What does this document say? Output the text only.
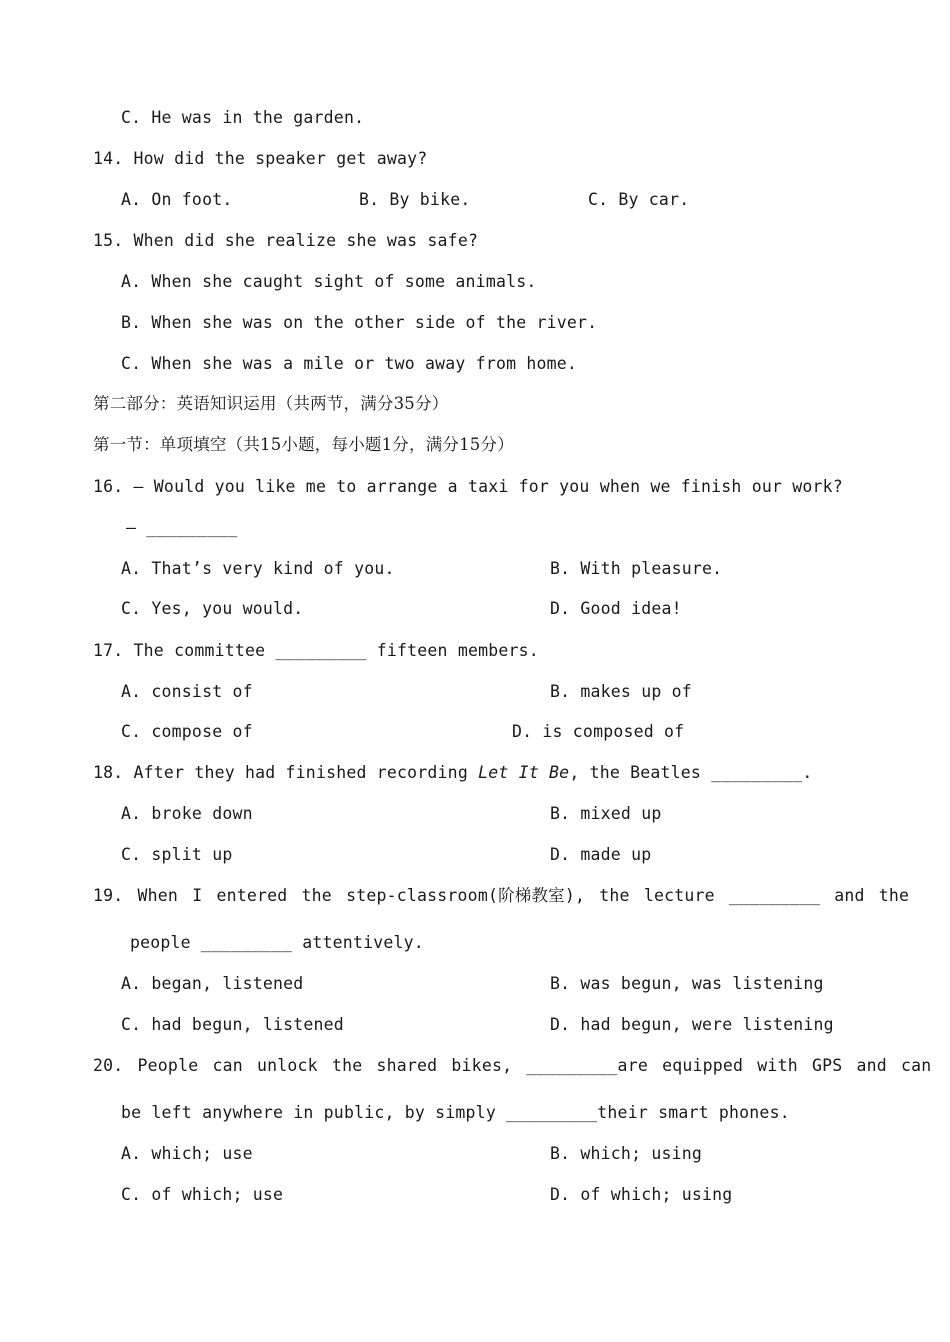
C. He was in the garden.
14. How did the speaker get away?
A. On foot.	B. By bike.	C. By car.
15. When did she realize she was safe?
A. When she caught sight of some animals.
B. When she was on the other side of the river.
C. When she was a mile or two away from home.
第二部分：英语知识运用（共两节，满分35分）
第一节：单项填空（共15小题，每小题1分，满分15分）
16. — Would you like me to arrange a taxi for you when we finish our work?
— _________
A. That’s very kind of you.	B. With pleasure.
C. Yes, you would.	D. Good idea!
17. The committee _________ fifteen members.
A. consist of	B. makes up of
C. compose of	D. is composed of
18. After they had finished recording Let It Be, the Beatles _________.
A. broke down	B. mixed up
C. split up	D. made up
19. When I entered the step-classroom(阶梯教室), the lecture _________ and the
people _________ attentively.
A. began, listened	B. was begun, was listening
C. had begun, listened	D. had begun, were listening
20. People can unlock the shared bikes, _________are equipped with GPS and can
be left anywhere in public, by simply _________their smart phones.
A. which; use	B. which; using
C. of which; use	D. of which; using
